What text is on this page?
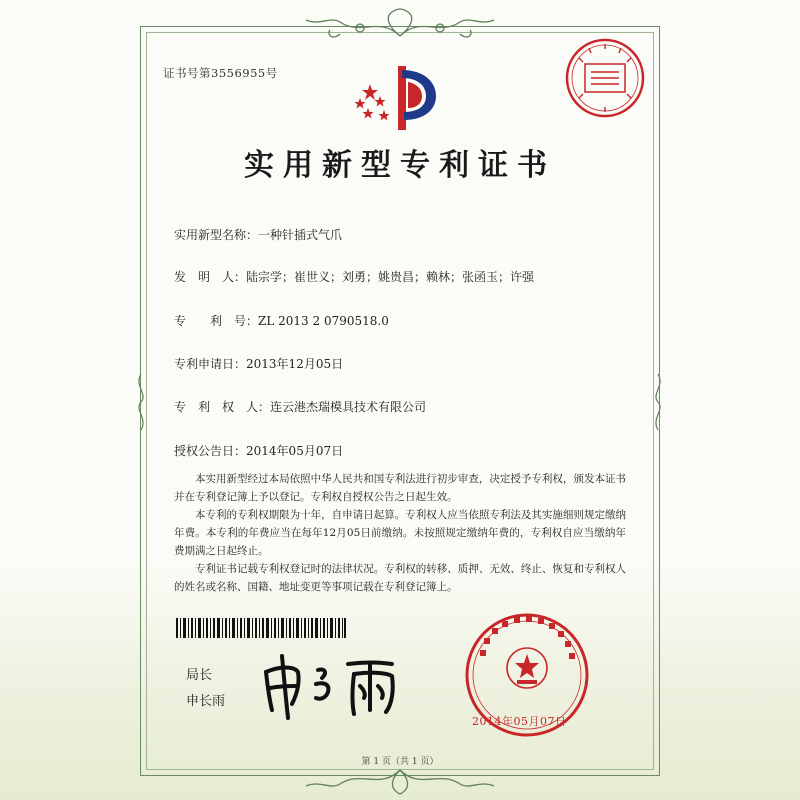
证书号第3556955号
实用新型专利证书
实用新型名称：一种针插式气爪
发　明　人：陆宗学；崔世义；刘勇；姚贵昌；赖林；张函玉；许强
专　　利　号：ZL 2013 2 0790518.0
专利申请日：2013年12月05日
专　利　权　人：连云港杰瑞模具技术有限公司
授权公告日：2014年05月07日

本实用新型经过本局依照中华人民共和国专利法进行初步审查，决定授予专利权，颁发本证书并在专利登记簿上予以登记。专利权自授权公告之日起生效。

本专利的专利权期限为十年，自申请日起算。专利权人应当依照专利法及其实施细则规定缴纳年费。本专利的年费应当在每年12月05日前缴纳。未按照规定缴纳年费的，专利权自应当缴纳年费期满之日起终止。

专利证书记载专利权登记时的法律状况。专利权的转移、质押、无效、终止、恢复和专利权人的姓名或名称、国籍、地址变更等事项记载在专利登记簿上。

局长
申长雨
2014年05月07日
第 1 页（共 1 页）
